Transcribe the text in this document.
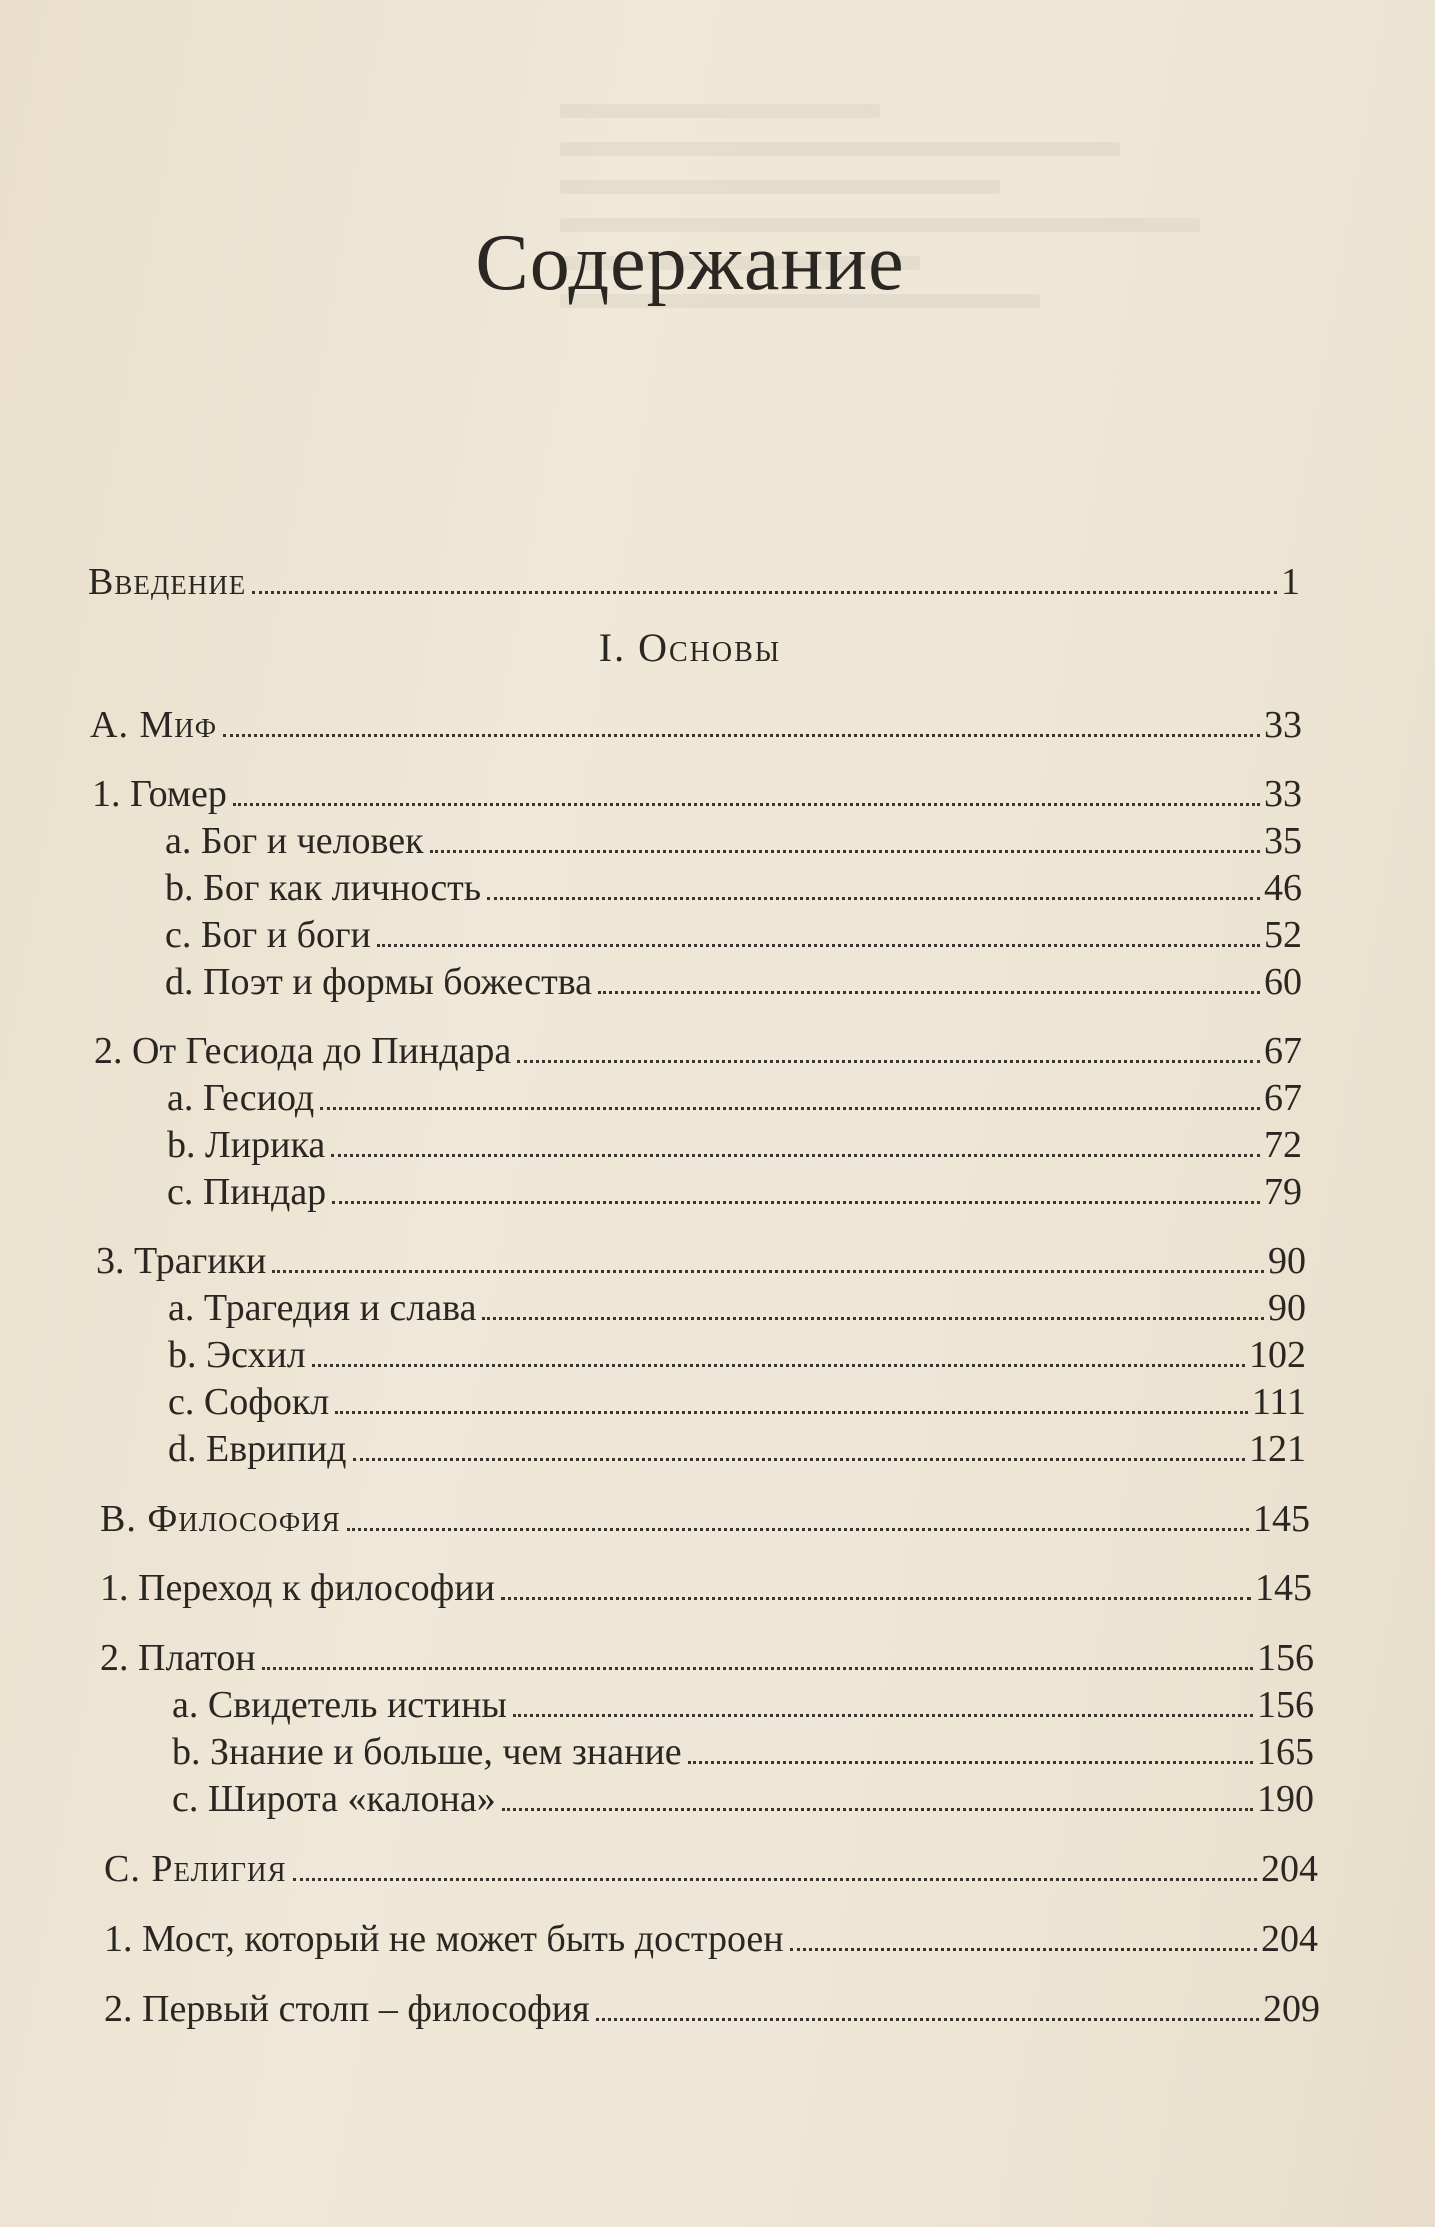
Содержание
I. Основы
Введение	1
A. Миф	33
1. Гомер	33
a. Бог и человек	35
b. Бог как личность	46
c. Бог и боги	52
d. Поэт и формы божества	60
2. От Гесиода до Пиндара	67
a. Гесиод	67
b. Лирика	72
c. Пиндар	79
3. Трагики	90
a. Трагедия и слава	90
b. Эсхил	102
c. Софокл	111
d. Еврипид	121
B. Философия	145
1. Переход к философии	145
2. Платон	156
a. Свидетель истины	156
b. Знание и больше, чем знание	165
c. Широта «калона»	190
C. Религия	204
1. Мост, который не может быть достроен	204
2. Первый столп – философия	209
